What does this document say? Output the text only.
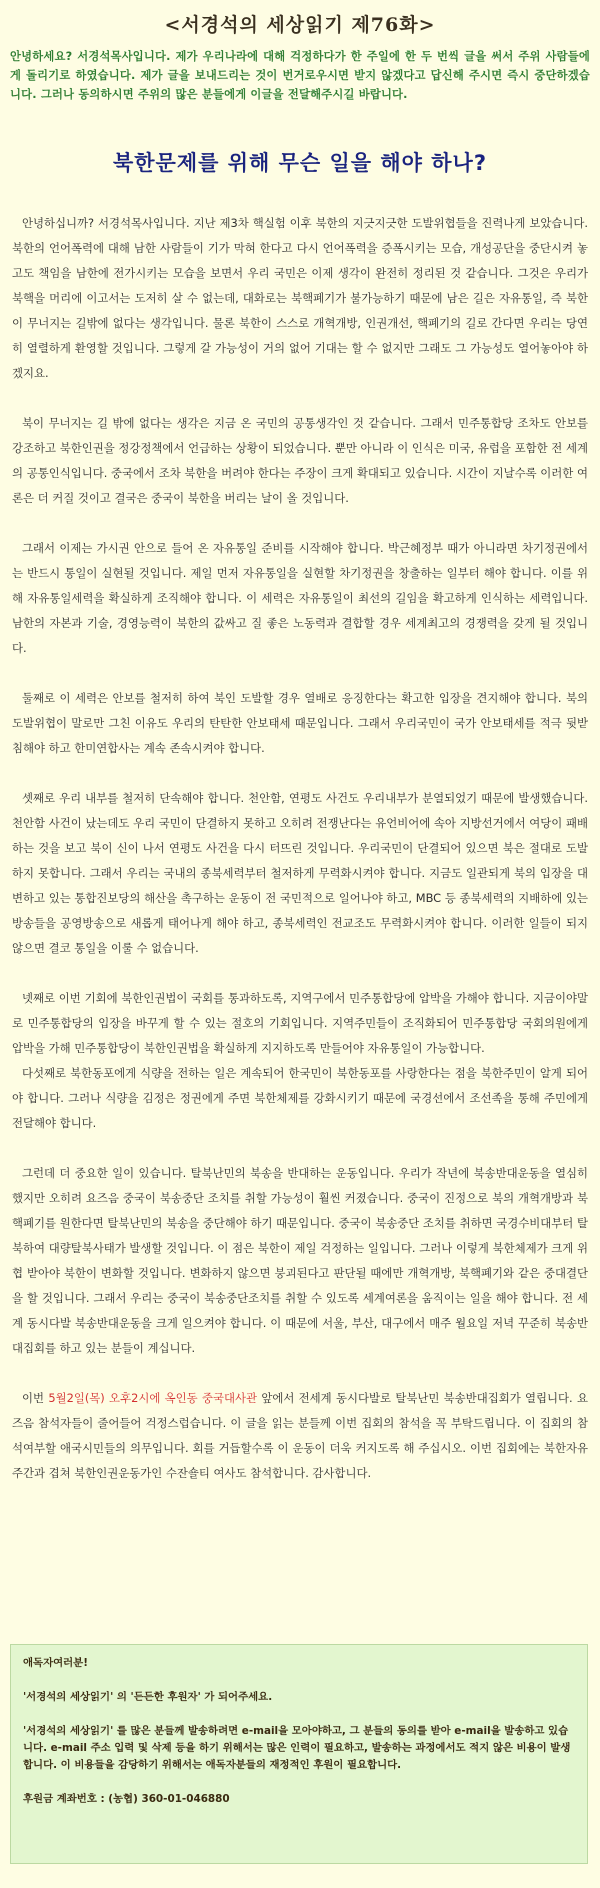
<서경석의 세상읽기 제76화>
안녕하세요? 서경석목사입니다. 제가 우리나라에 대해 걱정하다가 한 주일에 한 두 번씩 글을 써서 주위 사람들에게 돌리기로 하였습니다. 제가 글을 보내드리는 것이 번거로우시면 받지 않겠다고 답신해 주시면 즉시 중단하겠습니다. 그러나 동의하시면 주위의 많은 분들에게 이글을 전달해주시길 바랍니다.
북한문제를 위해 무슨 일을 해야 하나?

안녕하십니까? 서경석목사입니다. 지난 제3차 핵실험 이후 북한의 지긋지긋한 도발위협들을 진력나게 보았습니다. 북한의 언어폭력에 대해 남한 사람들이 기가 막혀 한다고 다시 언어폭력을 증폭시키는 모습, 개성공단을 중단시켜 놓고도 책임을 남한에 전가시키는 모습을 보면서 우리 국민은 이제 생각이 완전히 정리된 것 같습니다. 그것은 우리가 북핵을 머리에 이고서는 도저히 살 수 없는데, 대화로는 북핵폐기가 불가능하기 때문에 남은 길은 자유통일, 즉 북한이 무너지는 길밖에 없다는 생각입니다. 물론 북한이 스스로 개혁개방, 인권개선, 핵폐기의 길로 간다면 우리는 당연히 열렬하게 환영할 것입니다. 그렇게 갈 가능성이 거의 없어 기대는 할 수 없지만 그래도 그 가능성도 열어놓아야 하겠지요.

북이 무너지는 길 밖에 없다는 생각은 지금 온 국민의 공통생각인 것 같습니다. 그래서 민주통합당 조차도 안보를 강조하고 북한인권을 정강정책에서 언급하는 상황이 되었습니다. 뿐만 아니라 이 인식은 미국, 유럽을 포함한 전 세계의 공통인식입니다. 중국에서 조차 북한을 버려야 한다는 주장이 크게 확대되고 있습니다. 시간이 지날수록 이러한 여론은 더 커질 것이고 결국은 중국이 북한을 버리는 날이 올 것입니다.

그래서 이제는 가시권 안으로 들어 온 자유통일 준비를 시작해야 합니다. 박근혜정부 때가 아니라면 차기정권에서는 반드시 통일이 실현될 것입니다. 제일 먼저 자유통일을 실현할 차기정권을 창출하는 일부터 해야 합니다. 이를 위해 자유통일세력을 확실하게 조직해야 합니다. 이 세력은 자유통일이 최선의 길임을 확고하게 인식하는 세력입니다. 남한의 자본과 기술, 경영능력이 북한의 값싸고 질 좋은 노동력과 결합할 경우 세계최고의 경쟁력을 갖게 될 것입니다.

둘째로 이 세력은 안보를 철저히 하여 북인 도발할 경우 열배로 응징한다는 확고한 입장을 견지해야 합니다. 북의 도발위협이 말로만 그친 이유도 우리의 탄탄한 안보태세 때문입니다. 그래서 우리국민이 국가 안보태세를 적극 뒷받침해야 하고 한미연합사는 계속 존속시켜야 합니다.

셋째로 우리 내부를 철저히 단속해야 합니다. 천안함, 연평도 사건도 우리내부가 분열되었기 때문에 발생했습니다. 천안함 사건이 났는데도 우리 국민이 단결하지 못하고 오히려 전쟁난다는 유언비어에 속아 지방선거에서 여당이 패배하는 것을 보고 북이 신이 나서 연평도 사건을 다시 터뜨린 것입니다. 우리국민이 단결되어 있으면 북은 절대로 도발하지 못합니다. 그래서 우리는 국내의 종북세력부터 철저하게 무력화시켜야 합니다. 지금도 일관되게 북의 입장을 대변하고 있는 통합진보당의 해산을 촉구하는 운동이 전 국민적으로 일어나야 하고, MBC 등 종북세력의 지배하에 있는 방송들을 공영방송으로 새롭게 태어나게 해야 하고, 종북세력인 전교조도 무력화시켜야 합니다. 이러한 일들이 되지 않으면 결코 통일을 이룰 수 없습니다.

넷째로 이번 기회에 북한인권법이 국회를 통과하도록, 지역구에서 민주통합당에 압박을 가해야 합니다. 지금이야말로 민주통합당의 입장을 바꾸게 할 수 있는 절호의 기회입니다. 지역주민들이 조직화되어 민주통합당 국회의원에게 압박을 가해 민주통합당이 북한인권법을 확실하게 지지하도록 만들어야 자유통일이 가능합니다.

다섯째로 북한동포에게 식량을 전하는 일은 계속되어 한국민이 북한동포를 사랑한다는 점을 북한주민이 알게 되어야 합니다. 그러나 식량을 김정은 정권에게 주면 북한체제를 강화시키기 때문에 국경선에서 조선족을 통해 주민에게 전달해야 합니다.

그런데 더 중요한 일이 있습니다. 탈북난민의 북송을 반대하는 운동입니다. 우리가 작년에 북송반대운동을 열심히 했지만 오히려 요즈음 중국이 북송중단 조치를 취할 가능성이 훨씬 커졌습니다. 중국이 진정으로 북의 개혁개방과 북핵폐기를 원한다면 탈북난민의 북송을 중단해야 하기 때문입니다. 중국이 북송중단 조치를 취하면 국경수비대부터 탈북하여 대량탈북사태가 발생할 것입니다. 이 점은 북한이 제일 걱정하는 일입니다. 그러나 이렇게 북한체제가 크게 위협 받아야 북한이 변화할 것입니다. 변화하지 않으면 붕괴된다고 판단될 때에만 개혁개방, 북핵폐기와 같은 중대결단을 할 것입니다. 그래서 우리는 중국이 북송중단조치를 취할 수 있도록 세계여론을 움직이는 일을 해야 합니다. 전 세계 동시다발 북송반대운동을 크게 일으켜야 합니다. 이 때문에 서울, 부산, 대구에서 매주 월요일 저녁 꾸준히 북송반대집회를 하고 있는 분들이 계십니다.

이번 5월2일(목) 오후2시에 옥인동 중국대사관 앞에서 전세계 동시다발로 탈북난민 북송반대집회가 열립니다. 요즈음 참석자들이 줄어들어 걱정스럽습니다. 이 글을 읽는 분들께 이번 집회의 참석을 꼭 부탁드립니다. 이 집회의 참석여부할 애국시민들의 의무입니다. 회를 거듭할수록 이 운동이 더욱 커지도록 해 주십시오. 이번 집회에는 북한자유주간과 겹쳐 북한인권운동가인 수잔숄티 여사도 참석합니다. 감사합니다.

애독자여러분!

'서경석의 세상읽기' 의 '든든한 후원자' 가 되어주세요.

'서경석의 세상읽기' 를 많은 분들께 발송하려면 e-mail을 모아야하고, 그 분들의 동의를 받아 e-mail을 발송하고 있습니다. e-mail 주소 입력 및 삭제 등을 하기 위해서는 많은 인력이 필요하고, 발송하는 과정에서도 적지 않은 비용이 발생합니다. 이 비용들을 감당하기 위해서는 애독자분들의 재정적인 후원이 필요합니다.

후원금 계좌번호 : (농협) 360-01-046880
